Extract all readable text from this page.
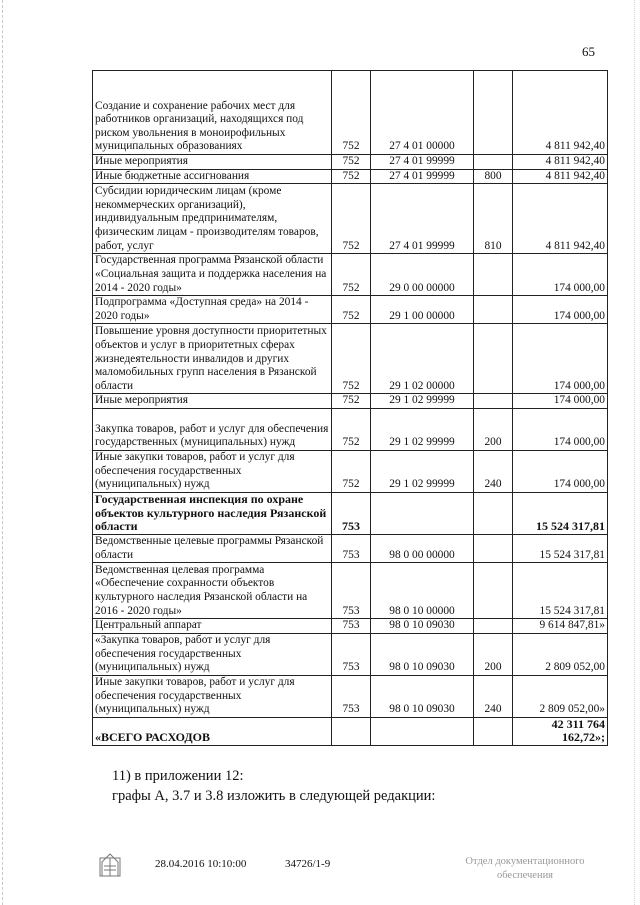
65
Создание и сохранение рабочих мест для работников организаций, находящихся под риском увольнения в моноирофильных муниципальных образованиях	752	27 4 01 00000		4 811 942,40
Иные мероприятия	752	27 4 01 99999		4 811 942,40
Иные бюджетные ассигнования	752	27 4 01 99999	800	4 811 942,40
Субсидии юридическим лицам (кроме некоммерческих организаций), индивидуальным предпринимателям, физическим лицам - производителям товаров, работ, услуг	752	27 4 01 99999	810	4 811 942,40
Государственная программа Рязанской области «Социальная защита и поддержка населения на 2014 - 2020 годы»	752	29 0 00 00000		174 000,00
Подпрограмма «Доступная среда» на 2014 - 2020 годы»	752	29 1 00 00000		174 000,00
Повышение уровня доступности приоритетных объектов и услуг в приоритетных сферах жизнедеятельности инвалидов и других маломобильных групп населения в Рязанской области	752	29 1 02 00000		174 000,00
Иные мероприятия	752	29 1 02 99999		174 000,00
Закупка товаров, работ и услуг для обеспечения государственных (муниципальных) нужд	752	29 1 02 99999	200	174 000,00
Иные закупки товаров, работ и услуг для обеспечения государственных (муниципальных) нужд	752	29 1 02 99999	240	174 000,00
Государственная инспекция по охране объектов культурного наследия Рязанской области	753			15 524 317,81
Ведомственные целевые программы Рязанской области	753	98 0 00 00000		15 524 317,81
Ведомственная целевая программа «Обеспечение сохранности объектов культурного наследия Рязанской области на 2016 - 2020 годы»	753	98 0 10 00000		15 524 317,81
Центральный аппарат	753	98 0 10 09030		9 614 847,81»
«Закупка товаров, работ и услуг для обеспечения государственных (муниципальных) нужд	753	98 0 10 09030	200	2 809 052,00
Иные закупки товаров, работ и услуг для обеспечения государственных (муниципальных) нужд	753	98 0 10 09030	240	2 809 052,00»
«ВСЕГО РАСХОДОВ				42 311 764 162,72»;
11) в приложении 12:
графы А, 3.7 и 3.8 изложить в следующей редакции:
28.04.2016 10:10:00	34726/1-9	Отдел документационного
обеспечения
